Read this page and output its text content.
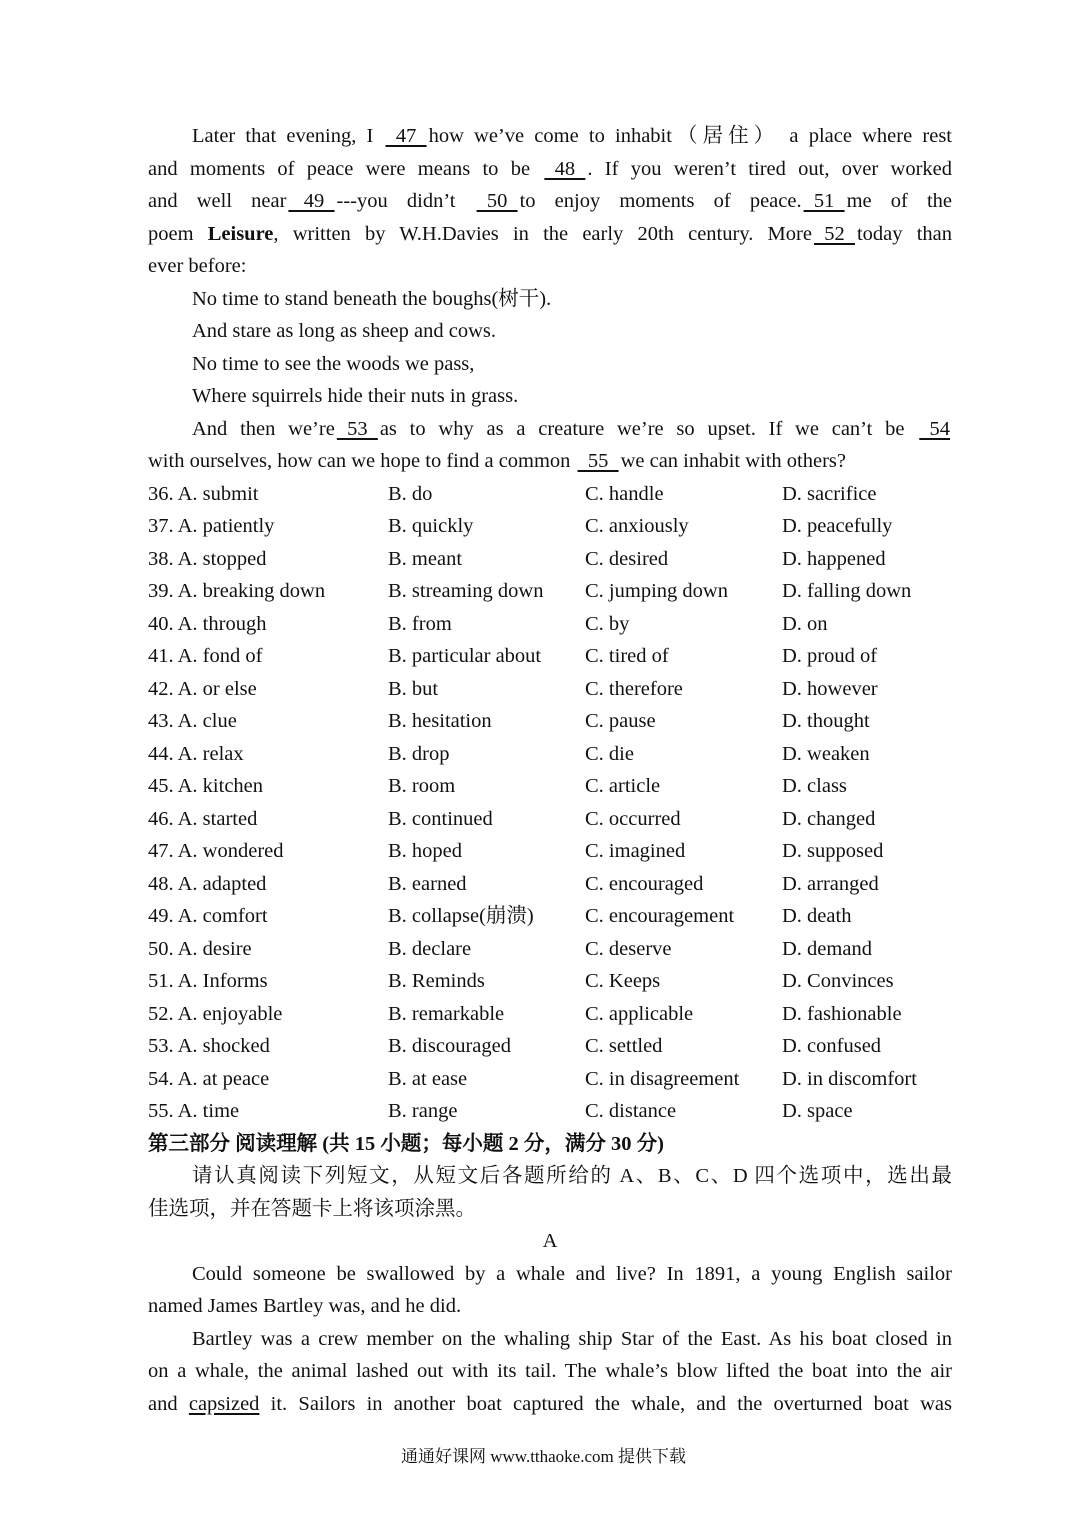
Later that evening, I   47  how we’ve come to inhabit（居住） a place where rest
and moments of peace were means to be   48  . If you weren’t tired out, over worked
and well near   49  ---you didn’t   50  to enjoy moments of peace.  51  me of the
poem Leisure, written by W.H.Davies in the early 20th century. More  52  today than
ever before:
No time to stand beneath the boughs(树干).
And stare as long as sheep and cows.
No time to see the woods we pass,
Where squirrels hide their nuts in grass.
And then we’re  53  as to why as a creature we’re so upset. If we can’t be   54
with ourselves, how can we hope to find a common   55  we can inhabit with others?
36. A. submit	B. do	C. handle	D. sacrifice
37. A. patiently	B. quickly	C. anxiously	D. peacefully
38. A. stopped	B. meant	C. desired	D. happened
39. A. breaking down	B. streaming down	C. jumping down	D. falling down
40. A. through	B. from	C. by	D. on
41. A. fond of	B. particular about	C. tired of	D. proud of
42. A. or else	B. but	C. therefore	D. however
43. A. clue	B. hesitation	C. pause	D. thought
44. A. relax	B. drop	C. die	D. weaken
45. A. kitchen	B. room	C. article	D. class
46. A. started	B. continued	C. occurred	D. changed
47. A. wondered	B. hoped	C. imagined	D. supposed
48. A. adapted	B. earned	C. encouraged	D. arranged
49. A. comfort	B. collapse(崩溃)	C. encouragement	D. death
50. A. desire	B. declare	C. deserve	D. demand
51. A. Informs	B. Reminds	C. Keeps	D. Convinces
52. A. enjoyable	B. remarkable	C. applicable	D. fashionable
53. A. shocked	B. discouraged	C. settled	D. confused
54. A. at peace	B. at ease	C. in disagreement	D. in discomfort
55. A. time	B. range	C. distance	D. space
第三部分 阅读理解 (共 15 小题；每小题 2 分，满分 30 分)
请认真阅读下列短文，从短文后各题所给的 A、B、C、D 四个选项中，选出最
佳选项，并在答题卡上将该项涂黑。
A
Could someone be swallowed by a whale and live? In 1891, a young English sailor
named James Bartley was, and he did.
Bartley was a crew member on the whaling ship Star of the East. As his boat closed in
on a whale, the animal lashed out with its tail. The whale’s blow lifted the boat into the air
and capsized it. Sailors in another boat captured the whale, and the overturned boat was
通通好课网 www.tthaoke.com 提供下载
